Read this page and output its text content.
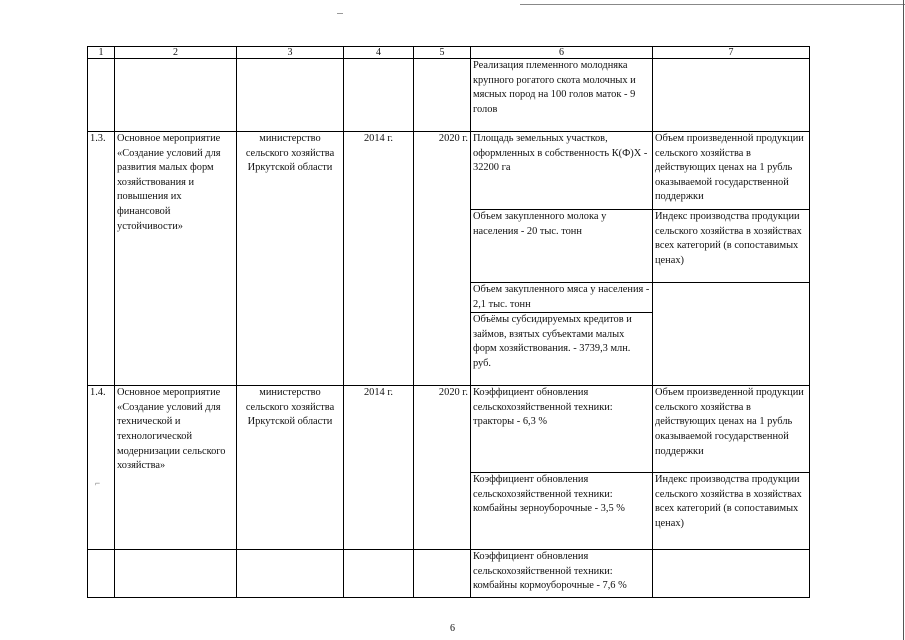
1	2	3	4	5	6	7
					Реализация племенного молодняка крупного рогатого скота молочных и мясных пород на 100 голов маток - 9 голов	
1.3.	Основное мероприятие «Создание условий для развития малых форм хозяйствования и повышения их финансовой устойчивости»	министерство сельского хозяйства Иркутской области	2014 г.	2020 г.	Площадь земельных участков, оформленных в собственность К(Ф)Х - 32200 га	Объем произведенной продукции сельского хозяйства в действующих ценах на 1 рубль оказываемой государственной поддержки
					Объем закупленного молока у населения - 20 тыс. тонн	Индекс производства продукции сельского хозяйства в хозяйствах всех категорий (в сопоставимых ценах)
					Объем закупленного мяса у населения - 2,1 тыс. тонн	
					Объёмы субсидируемых кредитов и займов, взятых субъектами малых форм хозяйствования. - 3739,3 млн. руб.	
1.4.	Основное мероприятие «Создание условий для технической и технологической модернизации сельского хозяйства»	министерство сельского хозяйства Иркутской области	2014 г.	2020 г.	Коэффициент обновления сельскохозяйственной техники: тракторы - 6,3 %	Объем произведенной продукции сельского хозяйства в действующих ценах на 1 рубль оказываемой государственной поддержки
					Коэффициент обновления сельскохозяйственной техники: комбайны зерноуборочные - 3,5 %	Индекс производства продукции сельского хозяйства в хозяйствах всех категорий (в сопоставимых ценах)
					Коэффициент обновления сельскохозяйственной техники: комбайны кормоуборочные - 7,6 %	
⌐
6
